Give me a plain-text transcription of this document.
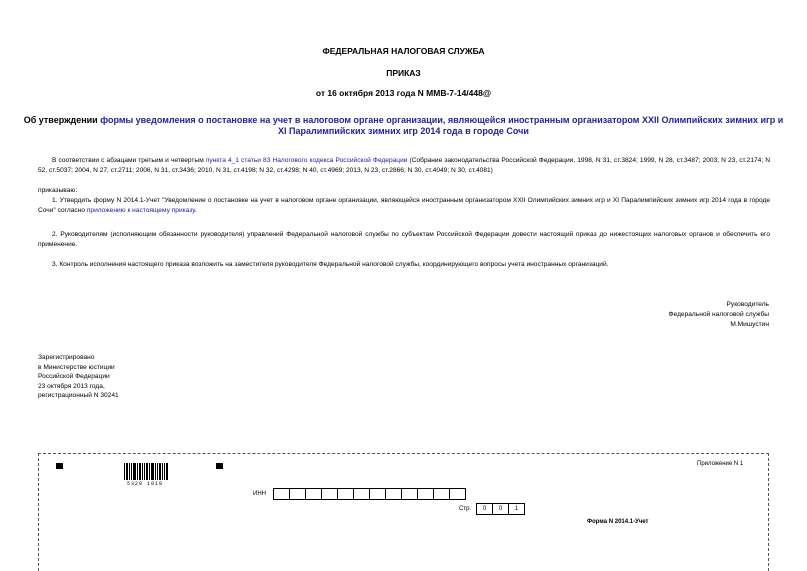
ФЕДЕРАЛЬНАЯ НАЛОГОВАЯ СЛУЖБА
ПРИКАЗ
от 16 октября 2013 года N ММВ-7-14/448@
Об утверждении формы уведомления о постановке на учет в налоговом органе организации, являющейся иностранным организатором XXII Олимпийских зимних игр и XI Паралимпийских зимних игр 2014 года в городе Сочи
В соответствии с абзацами третьим и четвертым пункта 4_1 статьи 83 Налогового кодекса Российской Федерации (Собрание законодательства Российской Федерации, 1998, N 31, ст.3824; 1999, N 28, ст.3487; 2003, N 23, ст.2174; N 52, ст.5037; 2004, N 27, ст.2711; 2006, N 31, ст.3436; 2010, N 31, ст.4198; N 32, ст.4298; N 40, ст.4969; 2013, N 23, ст.2866; N 30, ст.4049; N 30, ст.4081)
приказываю:
1. Утвердить форму N 2014.1-Учет "Уведомление о постановке на учет в налоговом органе организации, являющейся иностранным организатором XXII Олимпийских зимних игр и XI Паралимпийских зимних игр 2014 года в городе Сочи" согласно приложению к настоящему приказу.
2. Руководителям (исполняющим обязанности руководителя) управлений Федеральной налоговой службы по субъектам Российской Федерации довести настоящий приказ до нижестоящих налоговых органов и обеспечить его применение.
3. Контроль исполнения настоящего приказа возложить на заместителя руководителя Федеральной налоговой службы, координирующего вопросы учета иностранных организаций.
Руководитель
Федеральной налоговой службы
М.Мишустин
Зарегистрировано
в Министерстве юстиции
Российской Федерации
23 октября 2013 года,
регистрационный N 30241
5320 1018
Приложение N 1
ИНН
Стр.	0	0	1
Форма N 2014.1-Учет
